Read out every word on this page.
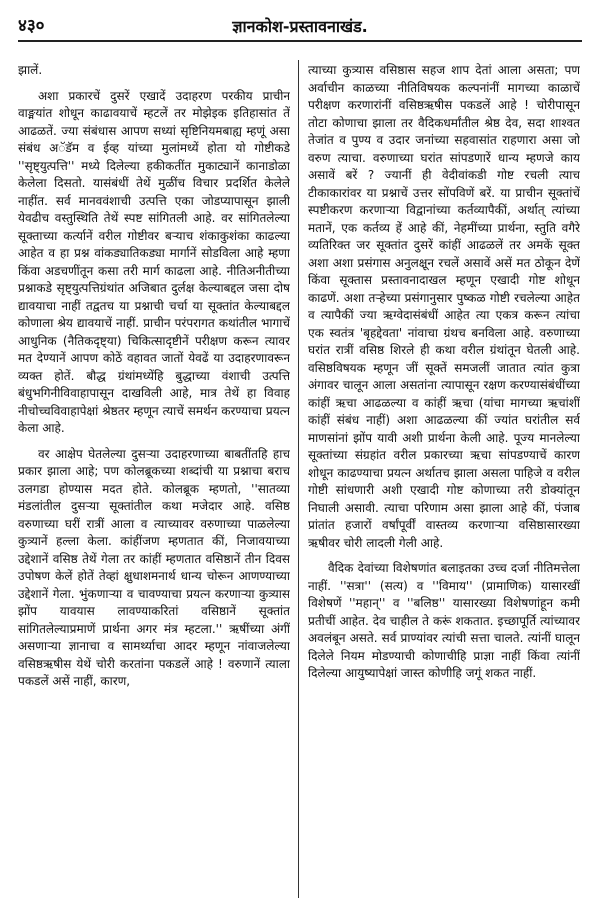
४३०	ज्ञानकोश-प्रस्तावनाखंड.

झालें.

अशा प्रकारचें दुसरें एखादें उदाहरण परकीय प्राचीन वाङ्मयांत शोधून काढावयाचें म्हटलें तर मोझेइक इतिहासांत तें आढळतें. ज्या संबंधास आपण सध्यां सृष्टिनियमबाह्य म्हणूं असा संबंध अॅडॅम व ईव्ह यांच्या मुलांमध्यें होता यो गोष्टीकडे ''सृष्ट्युत्पत्ति'' मध्ये दिलेल्या हकीकतींत मुकाट्यानें कानाडोळा केलेला दिसतो. यासंबंधीं तेथें मुळींच विचार प्रदर्शित केलेले नाहींत. सर्व मानववंशाची उत्पत्ति एका जोडप्यापासून झाली येवढीच वस्तुस्थिति तेथें स्पष्ट सांगितली आहे. वर सांगितलेल्या सूक्ताच्या कर्त्यानें वरील गोष्टीवर बऱ्याच शंकाकुशंका काढल्या आहेत व हा प्रश्न वांकड्यातिकड्या मार्गानें सोडविला आहे म्हणा किंवा अडचणींतून कसा तरी मार्ग काढला आहे. नीतिअनीतीच्या प्रश्नाकडे सृष्ट्युत्पत्तिग्रंथांत अजिबात दुर्लक्ष केल्याबद्दल जसा दोष द्यावयाचा नाहीं तद्वतच या प्रश्नाची चर्चा या सूक्तांत केल्याबद्दल कोणाला श्रेय द्यावयाचें नाहीं. प्राचीन परंपरागत कथांतील भागाचें आधुनिक (नैतिकदृष्ट्या) चिकित्सादृष्टीनें परीक्षण करून त्यावर मत देण्यानें आपण कोठें वहावत जातों येवढें या उदाहरणावरून व्यक्त होतें. बौद्ध ग्रंथांमध्येंहि बुद्धाच्या वंशाची उत्पत्ति बंधुभगिनीविवाहापासून दाखविली आहे, मात्र तेथें हा विवाह नीचोच्चविवाहापेक्षां श्रेष्ठतर म्हणून त्याचें समर्थन करण्याचा प्रयत्न केला आहे.

वर आक्षेप घेतलेल्या दुसऱ्या उदाहरणाच्या बाबतींतहि हाच प्रकार झाला आहे; पण कोलब्रूकच्या शब्दांची या प्रश्नाचा बराच उलगडा होण्यास मदत होते. कोलब्रूक म्हणतो, ''सातव्या मंडलांतील दुसऱ्या सूक्तांतील कथा मजेदार आहे. वसिष्ठ वरुणाच्या घरीं रात्रीं आला व त्याच्यावर वरुणाच्या पाळलेल्या कुत्र्यानें हल्ला केला. कांहींजण म्हणतात कीं, निजावयाच्या उद्देशानें वसिष्ठ तेथें गेला तर कांहीं म्हणतात वसिष्ठानें तीन दिवस उपोषण केलें होतें तेव्हां क्षुधाशमनार्थ धान्य चोरून आणण्याच्या उद्देशानें गेला. भुंकणाऱ्या व चावण्याचा प्रयत्न करणाऱ्या कुत्र्यास झोंप यावयास लावण्याकरितां वसिष्ठानें सूक्तांत सांगितलेल्याप्रमाणें प्रार्थना अगर मंत्र म्हटला.'' ऋषींच्या अंगीं असणाऱ्या ज्ञानाचा व सामर्थ्याचा आदर म्हणून नांवाजलेल्या वसिष्ठऋषीस येथें चोरी करतांना पकडलें आहे ! वरुणानें त्याला पकडलें असें नाहीं, कारण,

त्याच्या कुत्र्यास वसिष्ठास सहज शाप देतां आला असता; पण अर्वाचीन काळच्या नीतिविषयक कल्पनांनीं मागच्या काळाचें परीक्षण करणारांनीं वसिष्ठऋषीस पकडलें आहे ! चोरीपासून तोटा कोणाचा झाला तर वैदिकधर्मांतील श्रेष्ठ देव, सदा शाश्वत तेजांत व पुण्य व उदार जनांच्या सहवासांत राहणारा असा जो वरुण त्याचा. वरुणाच्या घरांत सांपडणारें धान्य म्हणजे काय असावें बरें ? ज्यानीं ही वेदीवांकडी गोष्ट रचली त्याच टीकाकारांवर या प्रश्नाचें उत्तर सोंपविणें बरें. या प्राचीन सूक्तांचें स्पष्टीकरण करणाऱ्या विद्वानांच्या कर्तव्यापैकीं, अर्थात् त्यांच्या मतानें, एक कर्तव्य हें आहे कीं, नेहमींच्या प्रार्थना, स्तुति वगैरे व्यतिरिक्त जर सूक्तांत दुसरें कांहीं आढळलें तर अमकें सूक्त अशा अशा प्रसंगास अनुलक्षून रचलें असावें असें मत ठोकून देणें किंवा सूक्तास प्रस्तावनादाखल म्हणून एखादी गोष्ट शोधून काढणें. अशा तऱ्हेच्या प्रसंगानुसार पुष्कळ गोष्टी रचलेल्या आहेत व त्यापैकीं ज्या ऋग्वेदासंबंधीं आहेत त्या एकत्र करून त्यांचा एक स्वतंत्र 'बृहद्देवता' नांवाचा ग्रंथच बनविला आहे. वरुणाच्या घरांत रात्रीं वसिष्ठ शिरले ही कथा वरील ग्रंथांतून घेतली आहे. वसिष्ठविषयक म्हणून जीं सूक्तें समजलीं जातात त्यांत कुत्रा अंगावर चालून आला असतांना त्यापासून रक्षण करण्यासंबंधींच्या कांहीं ऋचा आढळल्या व कांहीं ऋचा (यांचा मागच्या ऋचांशीं कांहीं संबंध नाहीं) अशा आढळल्या कीं ज्यांत घरांतील सर्व माणसांनां झोंप यावी अशी प्रार्थना केली आहे. पूज्य मानलेल्या सूक्तांच्या संग्रहांत वरील प्रकारच्या ऋचा सांपडण्याचें कारण शोधून काढण्याचा प्रयत्न अर्थातच झाला असला पाहिजे व वरील गोष्टी सांधणारी अशी एखादी गोष्ट कोणाच्या तरी डोक्यांतून निघाली असावी. त्याचा परिणाम असा झाला आहे कीं, पंजाब प्रांतांत हजारों वर्षांपूर्वीं वास्तव्य करणाऱ्या वसिष्ठासारख्या ऋषीवर चोरी लादली गेली आहे.

वैदिक देवांच्या विशेषणांत बलाइतका उच्च दर्जा नीतिमत्तेला नाहीं. ''सत्रा'' (सत्य) व ''विमाय'' (प्रामाणिक) यासारखीं विशेषणें ''महान्'' व ''बलिष्ठ'' यासारख्या विशेषणांहून कमी प्रतीचीं आहेत. देव चाहील ते करूं शकतात. इच्छापूर्ति त्यांच्यावर अवलंबून असते. सर्व प्राण्यांवर त्यांची सत्ता चालते. त्यांनीं घालून दिलेले नियम मोडण्याची कोणाचीहि प्राज्ञा नाहीं किंवा त्यांनीं दिलेल्या आयुष्यापेक्षां जास्त कोणीहि जगूं शकत नाहीं.
